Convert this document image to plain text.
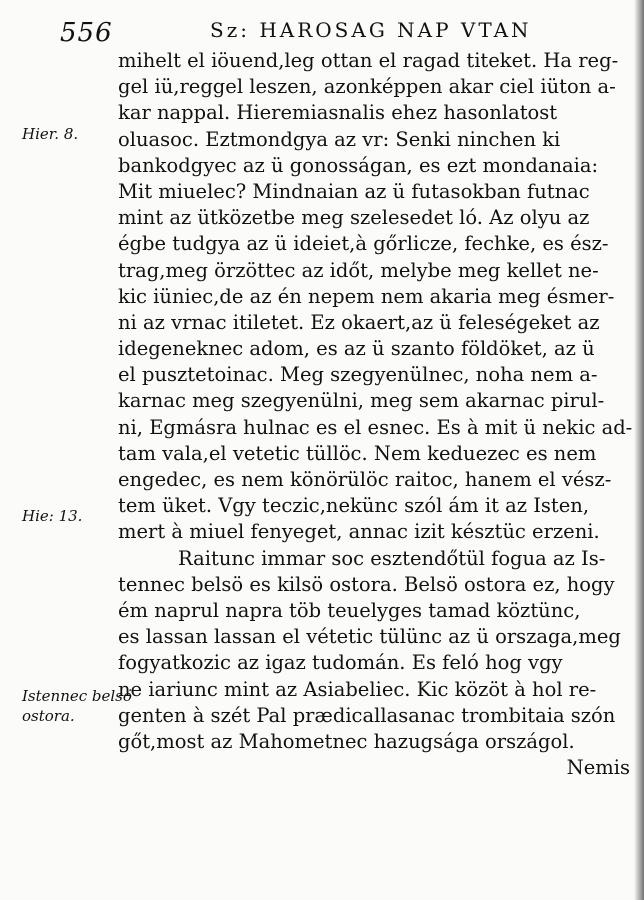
556	Sz: HAROSAG NAP VTAN
Hier. 8.
Hie: 13.
Istennec belsö
ostora.
mihelt el iöuend,leg ottan el ragad titeket. Ha reg-
gel iü,reggel leszen, azonképpen akar ciel iüton a-
kar nappal. Hieremiasnalis ehez hasonlatost
oluasoc. Eztmondgya az vr: Senki ninchen ki
bankodgyec az ü gonosságan, es ezt mondanaia:
Mit miuelec? Mindnaian az ü futasokban futnac
mint az ütközetbe meg szelesedet ló. Az olyu az
égbe tudgya az ü ideiet,à gőrlicze, fechke, es ész-
trag,meg örzöttec az időt, melybe meg kellet ne-
kic iüniec,de az én nepem nem akaria meg ésmer-
ni az vrnac itiletet. Ez okaert,az ü feleségeket az
idegeneknec adom, es az ü szanto földöket, az ü
el pusztetoinac. Meg szegyenülnec, noha nem a-
karnac meg szegyenülni, meg sem akarnac pirul-
ni, Egmásra hulnac es el esnec. Es à mit ü nekic ad-
tam vala,el vetetic tüllöc. Nem keduezec es nem
engedec, es nem könörülöc raitoc, hanem el vész-
tem üket. Vgy teczic,nekünc szól ám it az Isten,
mert à miuel fenyeget, annac izit késztüc erzeni.
Raitunc immar soc esztendőtül fogua az Is-
tennec belsö es kilsö ostora. Belsö ostora ez, hogy
ém naprul napra töb teuelyges tamad köztünc,
es lassan lassan el vétetic tülünc az ü orszaga,meg
fogyatkozic az igaz tudomán. Es feló hog vgy
ne iariunc mint az Asiabeliec. Kic közöt à hol re-
genten à szét Pal prædicallasanac trombitaia szón
gőt,most az Mahometnec hazugsága országol.
Nemis
